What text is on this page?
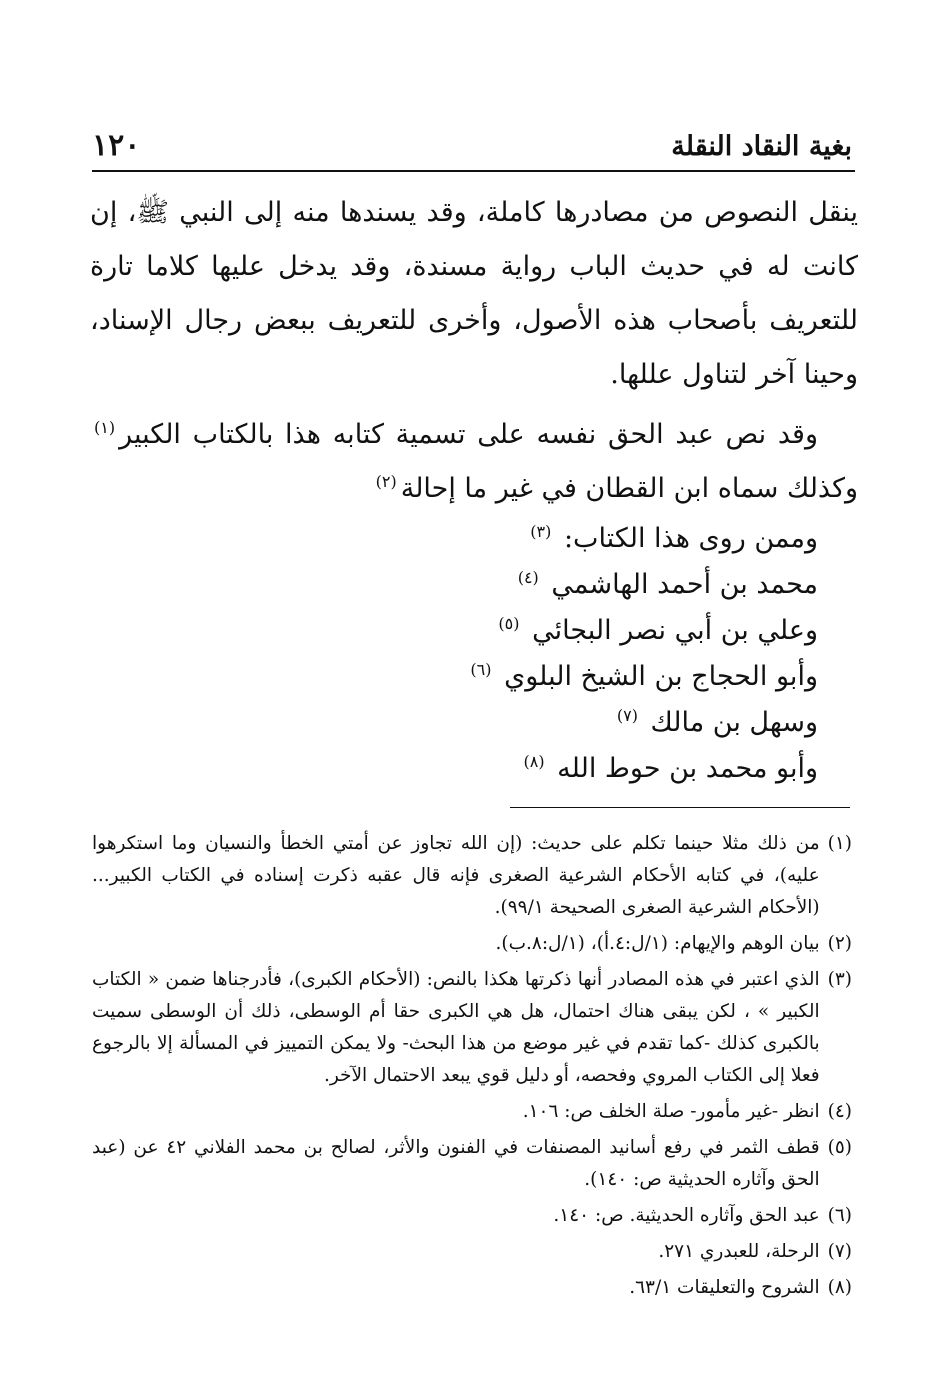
بغية النقاد النقلة
١٢٠

ينقل النصوص من مصادرها كاملة، وقد يسندها منه إلى النبي ﷺ، إن كانت له في حديث الباب رواية مسندة، وقد يدخل عليها كلاما تارة للتعريف بأصحاب هذه الأصول، وأخرى للتعريف ببعض رجال الإسناد، وحينا آخر لتناول عللها.

وقد نص عبد الحق نفسه على تسمية كتابه هذا بالكتاب الكبير$^{(١)}$ وكذلك سماه ابن القطان في غير ما إحالة$^{(٢)}$

وممن روى هذا الكتاب: $^{(٣)}$
محمد بن أحمد الهاشمي $^{(٤)}$
وعلي بن أبي نصر البجائي $^{(٥)}$
وأبو الحجاج بن الشيخ البلوي $^{(٦)}$
وسهل بن مالك $^{(٧)}$
وأبو محمد بن حوط الله $^{(٨)}$
(١)
من ذلك مثلا حينما تكلم على حديث: (إن الله تجاوز عن أمتي الخطأ والنسيان وما استكرهوا عليه)، في كتابه الأحكام الشرعية الصغرى فإنه قال عقبه ذكرت إسناده في الكتاب الكبير... (الأحكام الشرعية الصغرى الصحيحة ٩٩/١).
(٢)
بيان الوهم والإيهام: (١/ل:٤.أ)، (١/ل:٨.ب).
(٣)
الذي اعتبر في هذه المصادر أنها ذكرتها هكذا بالنص: (الأحكام الكبرى)، فأدرجناها ضمن « الكتاب الكبير » ، لكن يبقى هناك احتمال، هل هي الكبرى حقا أم الوسطى، ذلك أن الوسطى سميت بالكبرى كذلك -كما تقدم في غير موضع من هذا البحث- ولا يمكن التمييز في المسألة إلا بالرجوع فعلا إلى الكتاب المروي وفحصه، أو دليل قوي يبعد الاحتمال الآخر.
(٤)
انظر -غير مأمور- صلة الخلف ص: ١٠٦.
(٥)
قطف الثمر في رفع أسانيد المصنفات في الفنون والأثر، لصالح بن محمد الفلاني ٤٢ عن (عبد الحق وآثاره الحديثية ص: ١٤٠).
(٦)
عبد الحق وآثاره الحديثية. ص: ١٤٠.
(٧)
الرحلة، للعبدري ٢٧١.
(٨)
الشروح والتعليقات ٦٣/١.
